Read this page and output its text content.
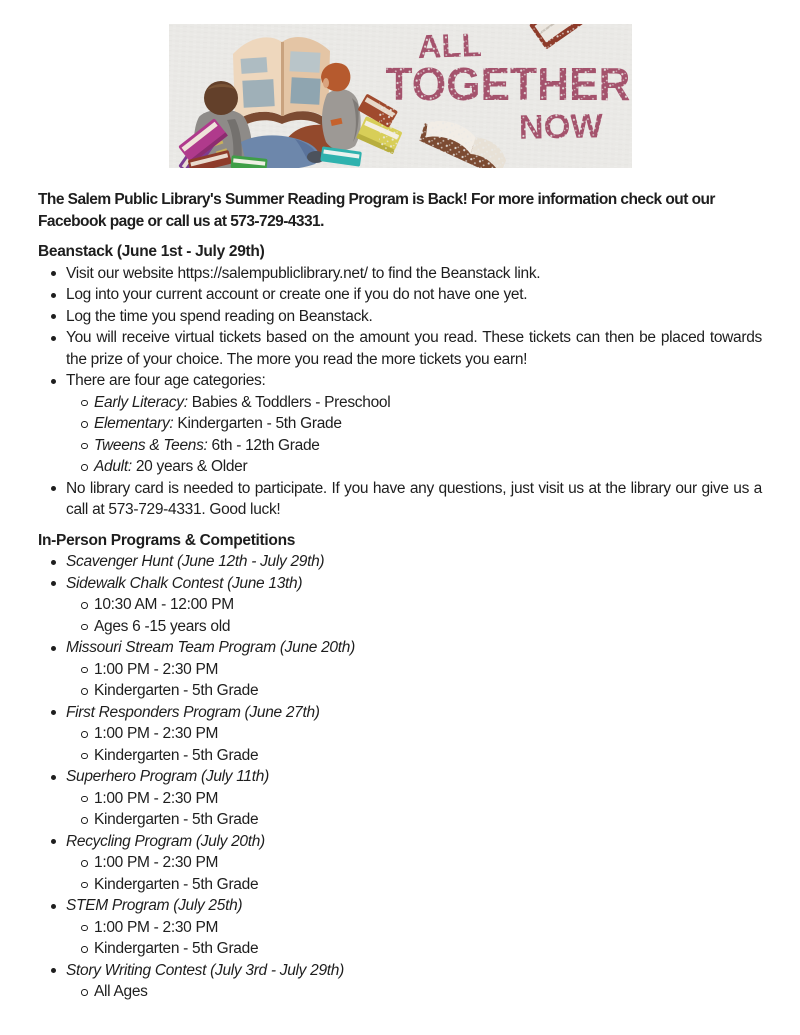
The Salem Public Library's Summer Reading Program is Back! For more information check out our Facebook page or call us at 573-729-4331.

Beanstack (June 1st - July 29th)

Visit our website https://salempubliclibrary.net/ to find the Beanstack link.
Log into your current account or create one if you do not have one yet.
Log the time you spend reading on Beanstack.
You will receive virtual tickets based on the amount you read. These tickets can then be placed towards the prize of your choice. The more you read the more tickets you earn!
There are four age categories:
Early Literacy: Babies & Toddlers - Preschool
Elementary: Kindergarten - 5th Grade
Tweens & Teens: 6th - 12th Grade
Adult: 20 years & Older
No library card is needed to participate. If you have any questions, just visit us at the library our give us a call at 573-729-4331. Good luck!

In-Person Programs & Competitions

Scavenger Hunt (June 12th - July 29th)
Sidewalk Chalk Contest (June 13th)
10:30 AM - 12:00 PM
Ages 6 -15 years old
Missouri Stream Team Program (June 20th)
1:00 PM - 2:30 PM
Kindergarten - 5th Grade
First Responders Program (June 27th)
1:00 PM - 2:30 PM
Kindergarten - 5th Grade
Superhero Program (July 11th)
1:00 PM - 2:30 PM
Kindergarten - 5th Grade
Recycling Program (July 20th)
1:00 PM - 2:30 PM
Kindergarten - 5th Grade
STEM Program (July 25th)
1:00 PM - 2:30 PM
Kindergarten - 5th Grade
Story Writing Contest (July 3rd - July 29th)
All Ages
